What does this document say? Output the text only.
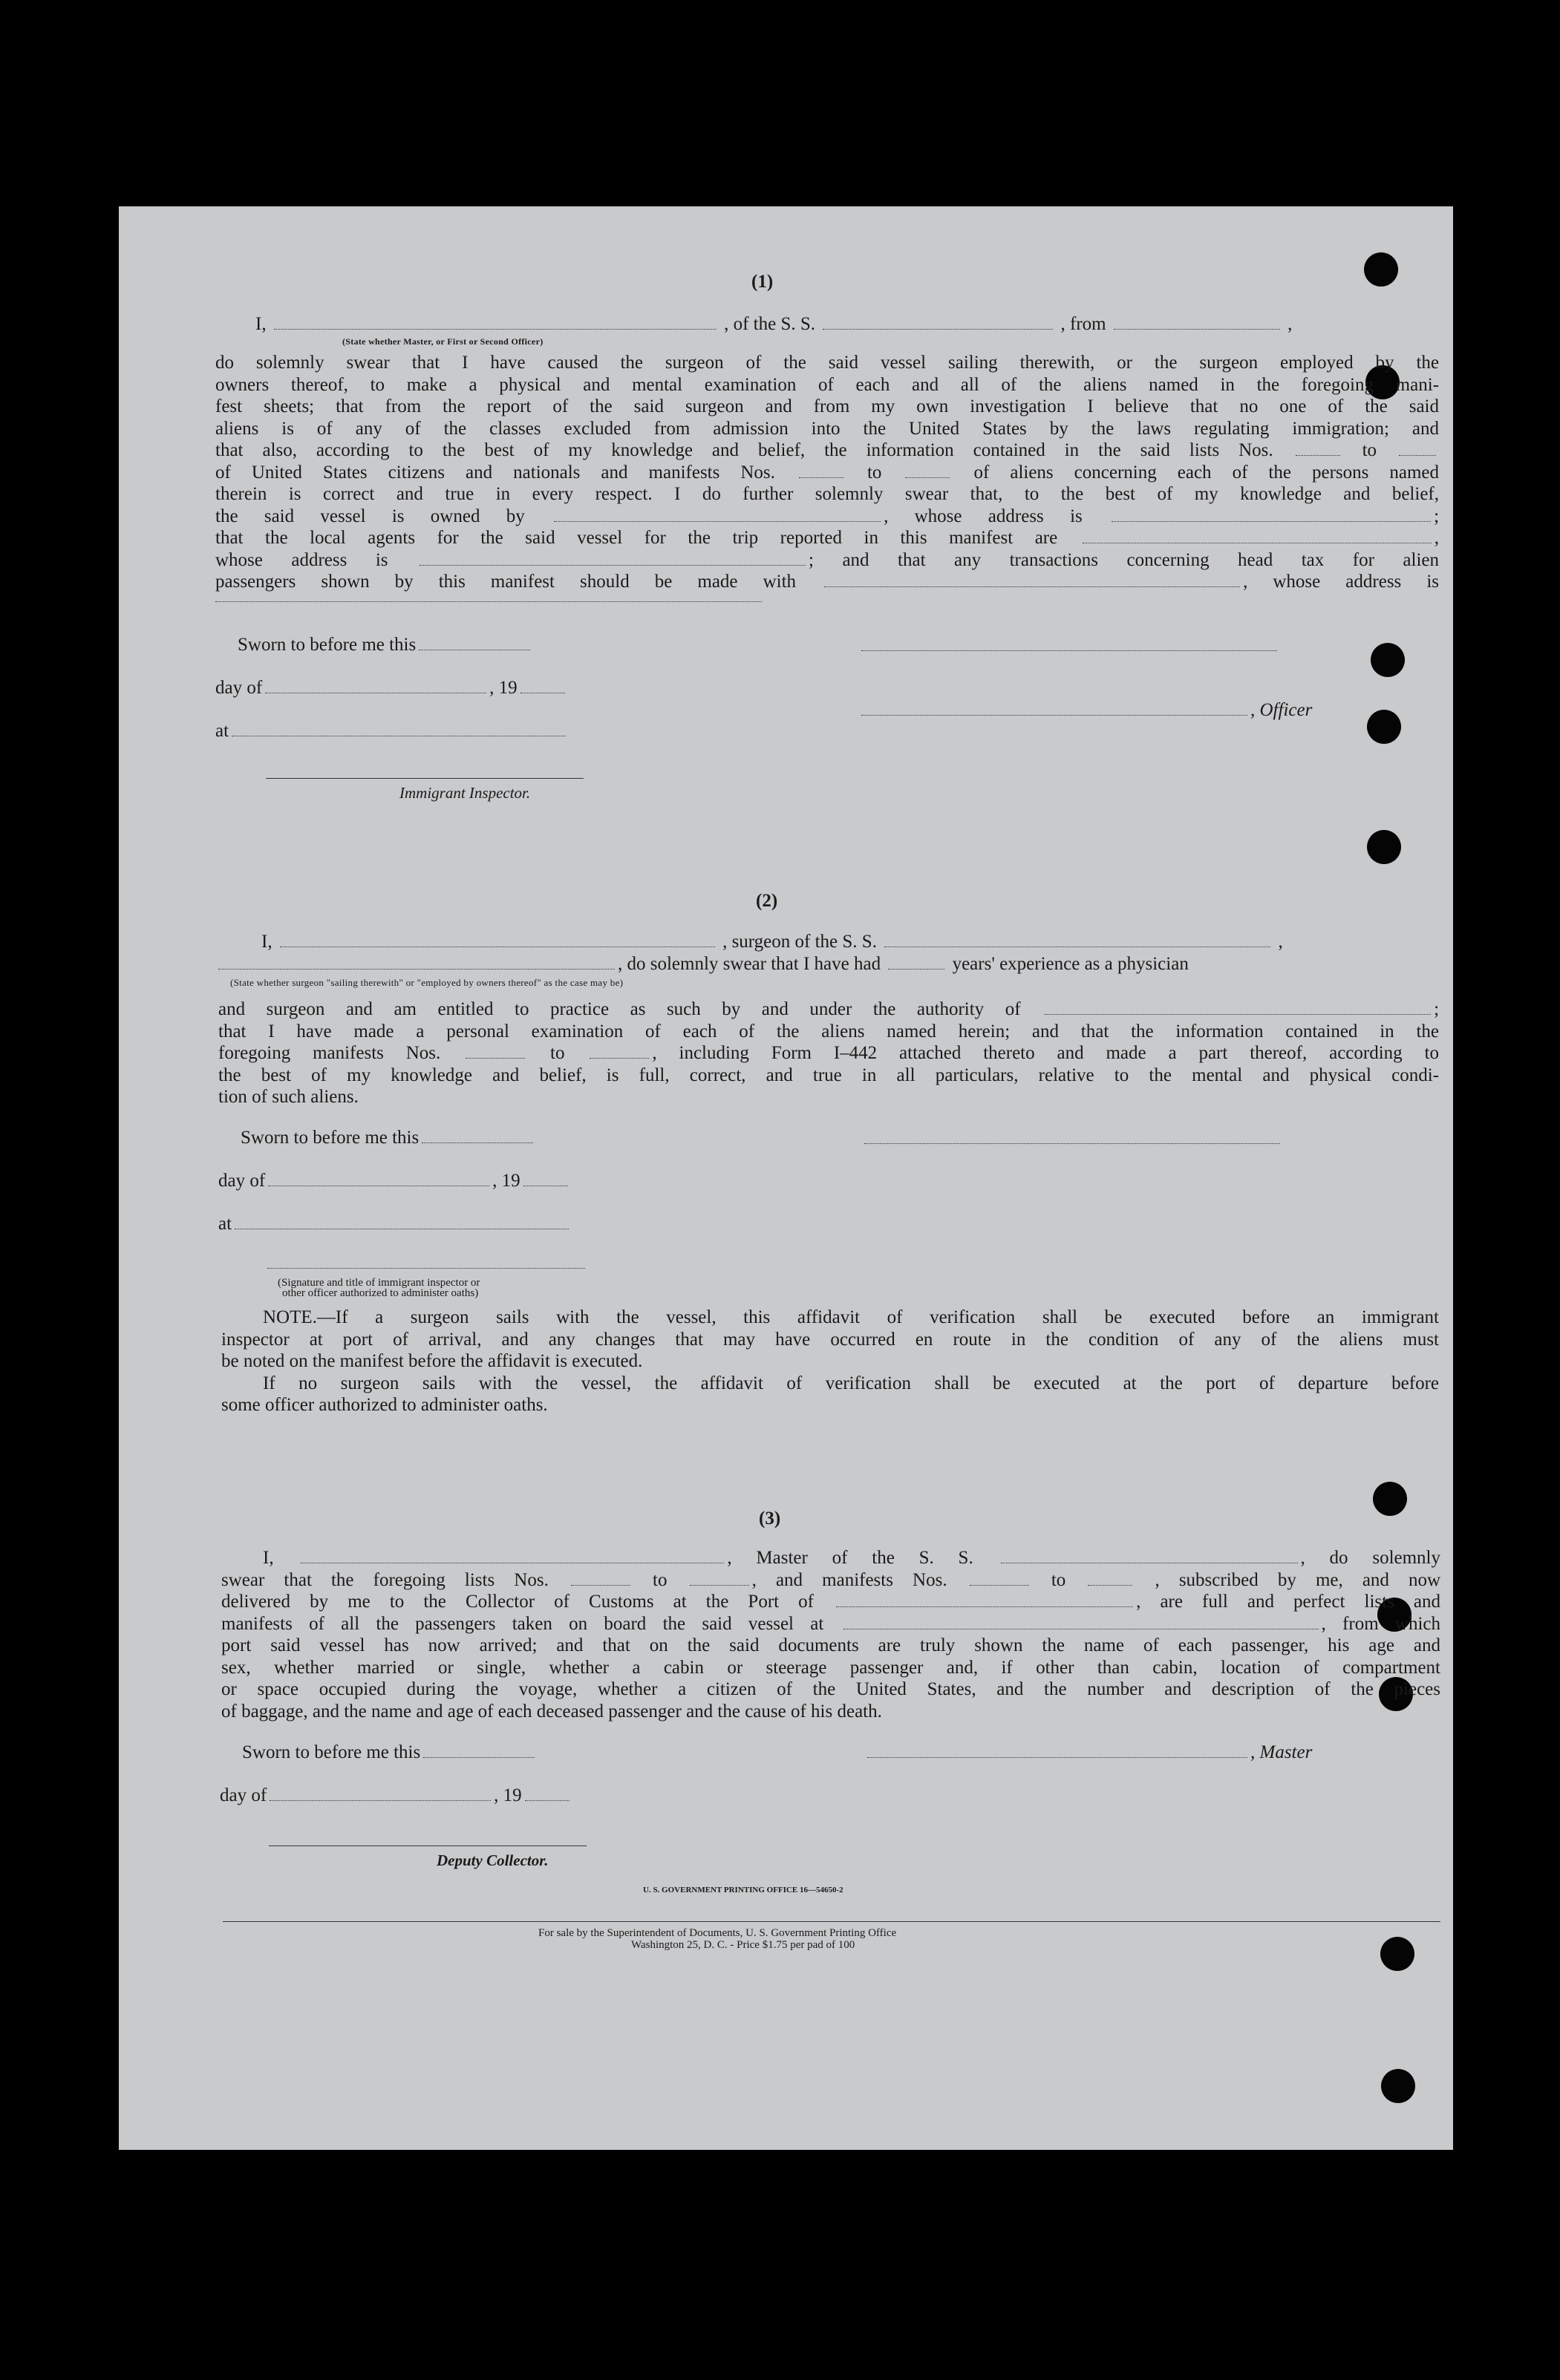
(1)
I,	, of the S. S.	, from	,
(State whether Master, or First or Second Officer)
do solemnly swear that I have caused the surgeon of the said vessel sailing therewith, or the surgeon employed by the
owners thereof, to make a physical and mental examination of each and all of the aliens named in the foregoing mani-
fest sheets; that from the report of the said surgeon and from my own investigation I believe that no one of the said
aliens is of any of the classes excluded from admission into the United States by the laws regulating immigration; and
that also, according to the best of my knowledge and belief, the information contained in the said lists Nos.	to
of United States citizens and nationals and manifests Nos.	to	of aliens concerning each of the persons named
therein is correct and true in every respect. I do further solemnly swear that, to the best of my knowledge and belief,
the said vessel is owned by	, whose address is	;
that the local agents for the said vessel for the trip reported in this manifest are	,
whose address is	; and that any transactions concerning head tax for alien
passengers shown by this manifest should be made with	, whose address is
Sworn to before me this
day of	, 19
, Officer
at
Immigrant Inspector.
(2)
I,	, surgeon of the S. S.	,
, do solemnly swear that I have had	years' experience as a physician
(State whether surgeon "sailing therewith" or "employed by owners thereof" as the case may be)
and surgeon and am entitled to practice as such by and under the authority of	;
that I have made a personal examination of each of the aliens named herein; and that the information contained in the
foregoing manifests Nos.	to	, including Form I–442 attached thereto and made a part thereof, according to
the best of my knowledge and belief, is full, correct, and true in all particulars, relative to the mental and physical condi-
tion of such aliens.
Sworn to before me this
day of	, 19
at
(Signature and title of immigrant inspector or
other officer authorized to administer oaths)
NOTE.—If a surgeon sails with the vessel, this affidavit of verification shall be executed before an immigrant
inspector at port of arrival, and any changes that may have occurred en route in the condition of any of the aliens must
be noted on the manifest before the affidavit is executed.
If no surgeon sails with the vessel, the affidavit of verification shall be executed at the port of departure before
some officer authorized to administer oaths.
(3)
I,	, Master of the S. S.	, do solemnly
swear that the foregoing lists Nos.	to	, and manifests Nos.	to	, subscribed by me, and now
delivered by me to the Collector of Customs at the Port of	, are full and perfect lists and
manifests of all the passengers taken on board the said vessel at	, from which
port said vessel has now arrived; and that on the said documents are truly shown the name of each passenger, his age and
sex, whether married or single, whether a cabin or steerage passenger and, if other than cabin, location of compartment
or space occupied during the voyage, whether a citizen of the United States, and the number and description of the pieces
of baggage, and the name and age of each deceased passenger and the cause of his death.
Sworn to before me this	, Master
day of	, 19
Deputy Collector.
U. S. GOVERNMENT PRINTING OFFICE 16—54650-2
For sale by the Superintendent of Documents, U. S. Government Printing Office
Washington 25, D. C. - Price $1.75 per pad of 100
